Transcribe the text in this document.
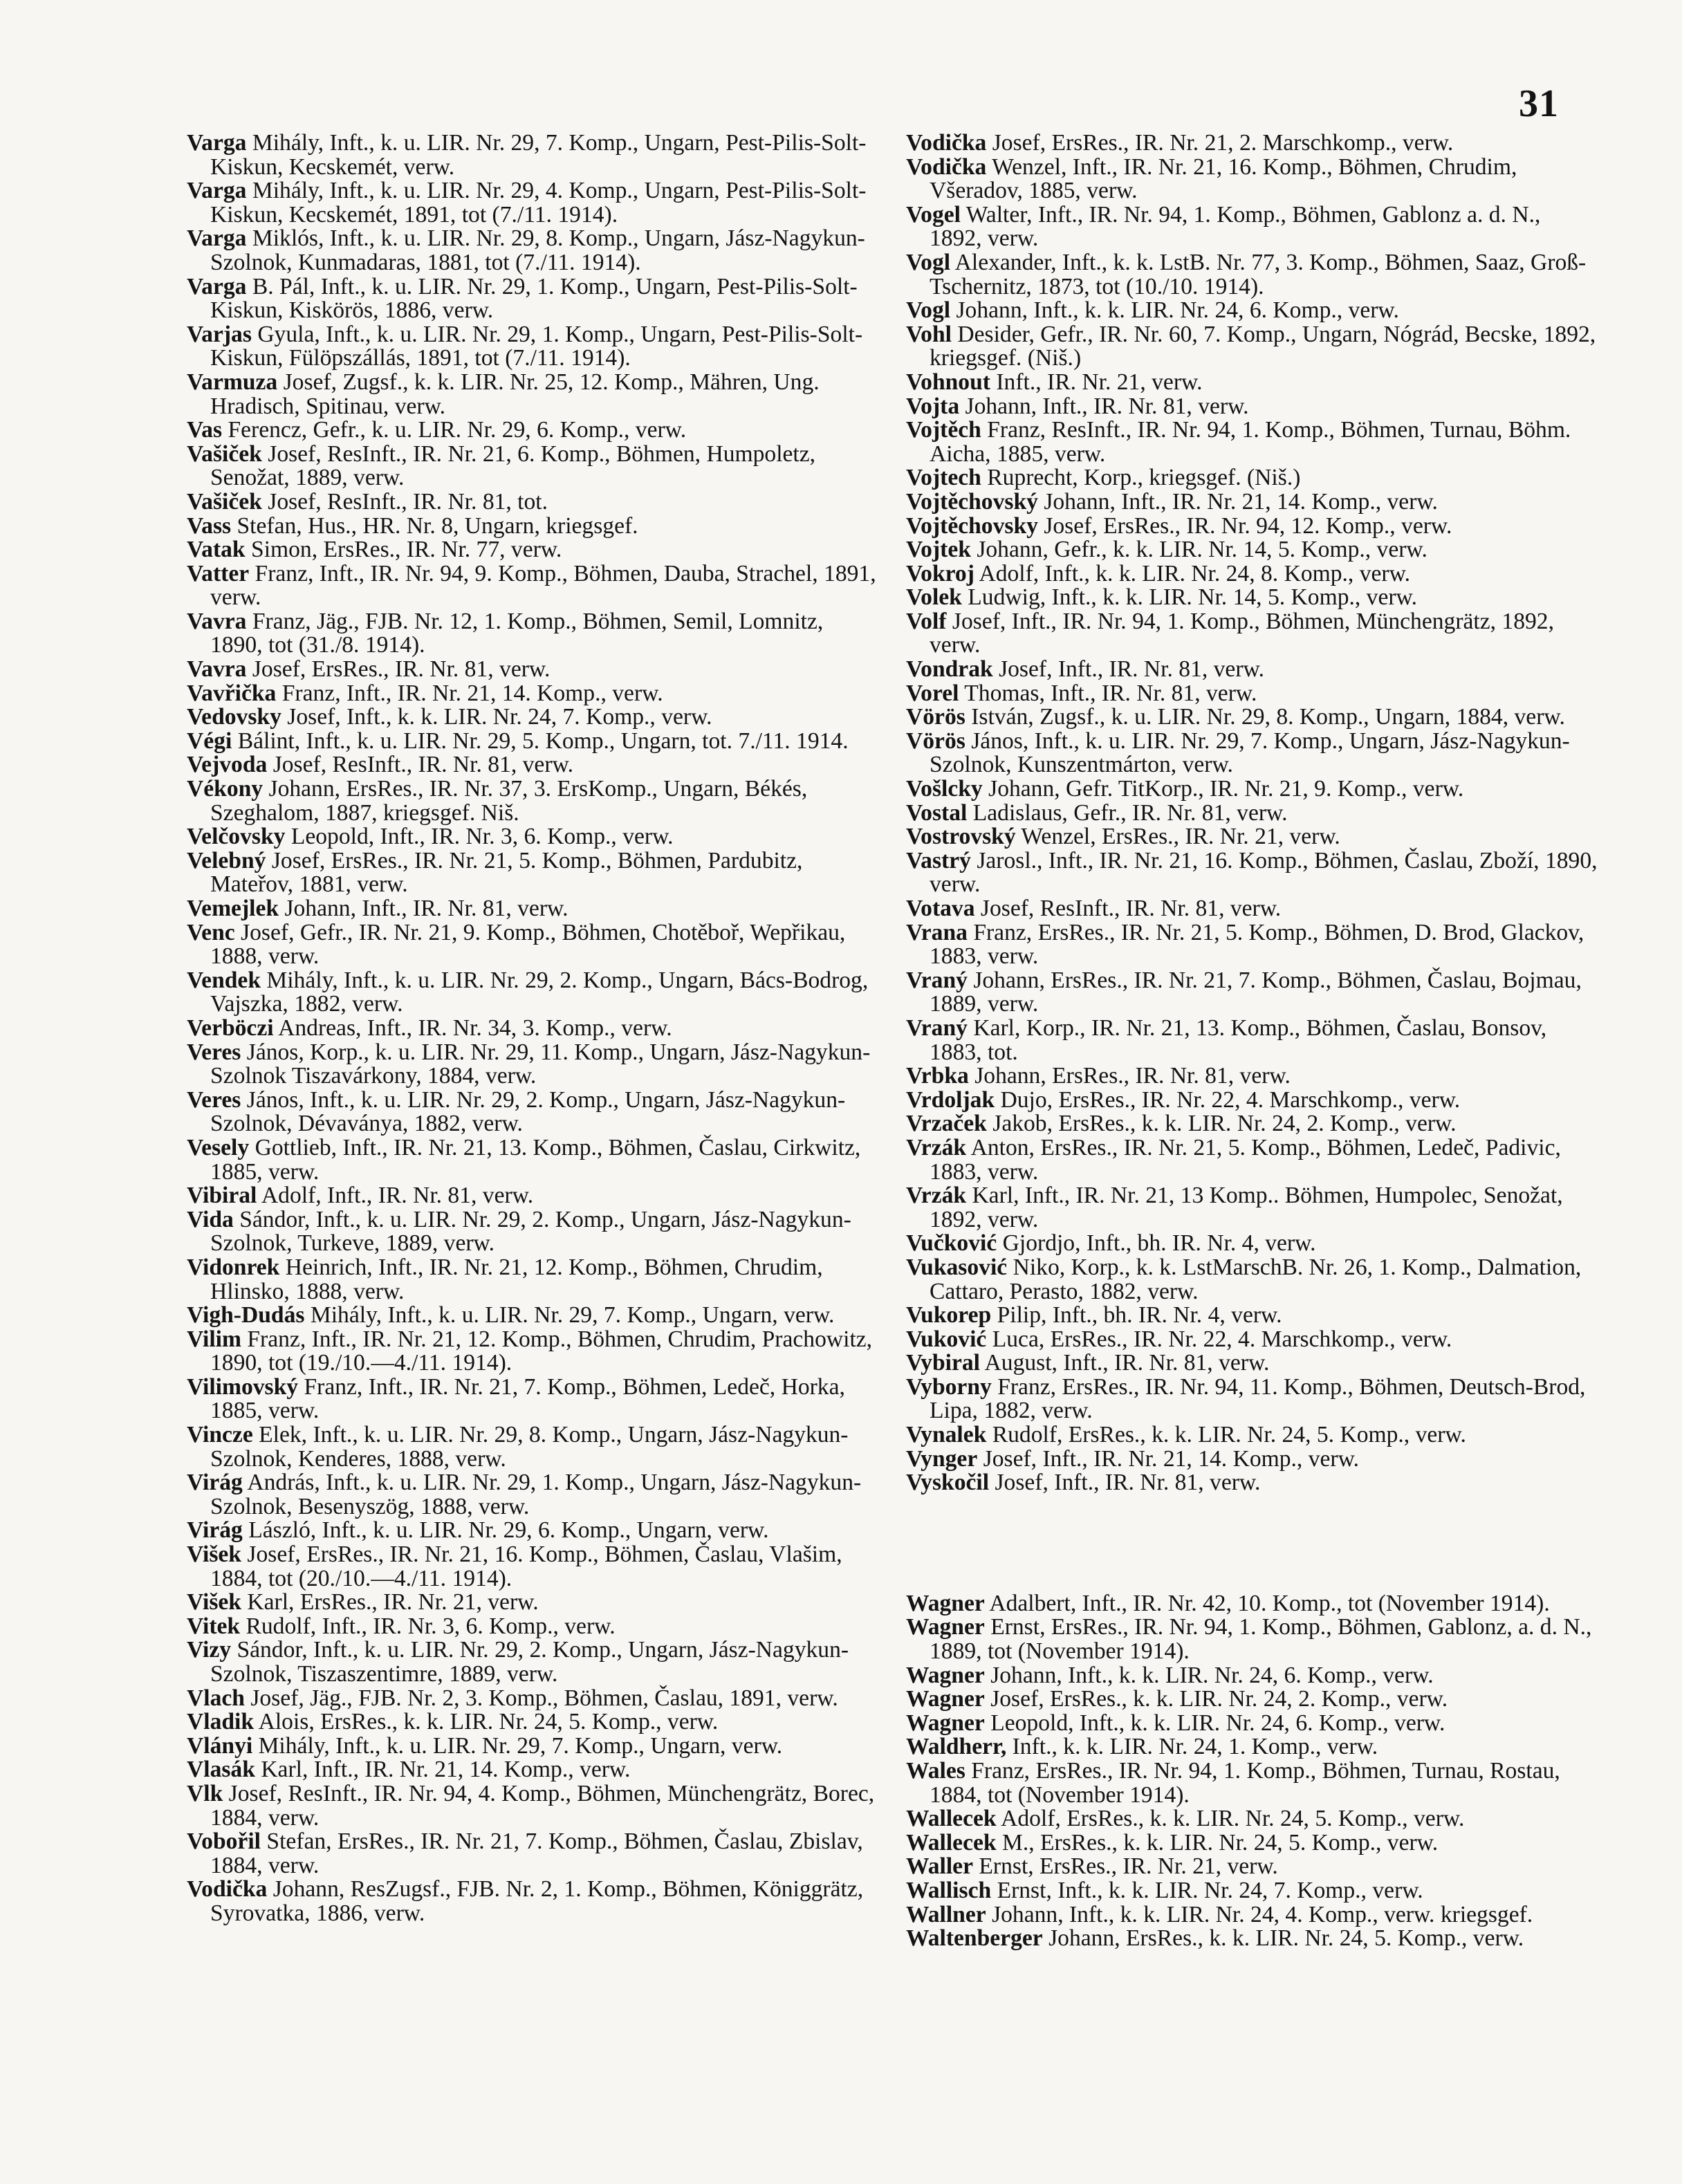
31

Varga Mihály, Inft., k. u. LIR. Nr. 29, 7. Komp., Ungarn, Pest-Pilis-Solt-Kiskun, Kecskemét, verw.

Varga Mihály, Inft., k. u. LIR. Nr. 29, 4. Komp., Ungarn, Pest-Pilis-Solt-Kiskun, Kecskemét, 1891, tot (7./11. 1914).

Varga Miklós, Inft., k. u. LIR. Nr. 29, 8. Komp., Ungarn, Jász-Nagykun-Szolnok, Kunmadaras, 1881, tot (7./11. 1914).

Varga B. Pál, Inft., k. u. LIR. Nr. 29, 1. Komp., Ungarn, Pest-Pilis-Solt-Kiskun, Kiskörös, 1886, verw.

Varjas Gyula, Inft., k. u. LIR. Nr. 29, 1. Komp., Ungarn, Pest-Pilis-Solt-Kiskun, Fülöpszállás, 1891, tot (7./11. 1914).

Varmuza Josef, Zugsf., k. k. LIR. Nr. 25, 12. Komp., Mähren, Ung. Hradisch, Spitinau, verw.

Vas Ferencz, Gefr., k. u. LIR. Nr. 29, 6. Komp., verw.

Vašiček Josef, ResInft., IR. Nr. 21, 6. Komp., Böhmen, Humpoletz, Senožat, 1889, verw.

Vašiček Josef, ResInft., IR. Nr. 81, tot.

Vass Stefan, Hus., HR. Nr. 8, Ungarn, kriegsgef.

Vatak Simon, ErsRes., IR. Nr. 77, verw.

Vatter Franz, Inft., IR. Nr. 94, 9. Komp., Böhmen, Dauba, Strachel, 1891, verw.

Vavra Franz, Jäg., FJB. Nr. 12, 1. Komp., Böhmen, Semil, Lomnitz, 1890, tot (31./8. 1914).

Vavra Josef, ErsRes., IR. Nr. 81, verw.

Vavřička Franz, Inft., IR. Nr. 21, 14. Komp., verw.

Vedovsky Josef, Inft., k. k. LIR. Nr. 24, 7. Komp., verw.

Végi Bálint, Inft., k. u. LIR. Nr. 29, 5. Komp., Ungarn, tot. 7./11. 1914.

Vejvoda Josef, ResInft., IR. Nr. 81, verw.

Vékony Johann, ErsRes., IR. Nr. 37, 3. ErsKomp., Ungarn, Békés, Szeghalom, 1887, kriegsgef. Niš.

Velčovsky Leopold, Inft., IR. Nr. 3, 6. Komp., verw.

Velebný Josef, ErsRes., IR. Nr. 21, 5. Komp., Böhmen, Pardubitz, Mateřov, 1881, verw.

Vemejlek Johann, Inft., IR. Nr. 81, verw.

Venc Josef, Gefr., IR. Nr. 21, 9. Komp., Böhmen, Chotěboř, Wepřikau, 1888, verw.

Vendek Mihály, Inft., k. u. LIR. Nr. 29, 2. Komp., Ungarn, Bács-Bodrog, Vajszka, 1882, verw.

Verböczi Andreas, Inft., IR. Nr. 34, 3. Komp., verw.

Veres János, Korp., k. u. LIR. Nr. 29, 11. Komp., Ungarn, Jász-Nagykun-Szolnok Tiszavárkony, 1884, verw.

Veres János, Inft., k. u. LIR. Nr. 29, 2. Komp., Ungarn, Jász-Nagykun-Szolnok, Dévaványa, 1882, verw.

Vesely Gottlieb, Inft., IR. Nr. 21, 13. Komp., Böhmen, Časlau, Cirkwitz, 1885, verw.

Vibiral Adolf, Inft., IR. Nr. 81, verw.

Vida Sándor, Inft., k. u. LIR. Nr. 29, 2. Komp., Ungarn, Jász-Nagykun-Szolnok, Turkeve, 1889, verw.

Vidonrek Heinrich, Inft., IR. Nr. 21, 12. Komp., Böhmen, Chrudim, Hlinsko, 1888, verw.

Vigh-Dudás Mihály, Inft., k. u. LIR. Nr. 29, 7. Komp., Ungarn, verw.

Vilim Franz, Inft., IR. Nr. 21, 12. Komp., Böhmen, Chrudim, Prachowitz, 1890, tot (19./10.—4./11. 1914).

Vilimovský Franz, Inft., IR. Nr. 21, 7. Komp., Böhmen, Ledeč, Horka, 1885, verw.

Vincze Elek, Inft., k. u. LIR. Nr. 29, 8. Komp., Ungarn, Jász-Nagykun-Szolnok, Kenderes, 1888, verw.

Virág András, Inft., k. u. LIR. Nr. 29, 1. Komp., Ungarn, Jász-Nagykun-Szolnok, Besenyszög, 1888, verw.

Virág László, Inft., k. u. LIR. Nr. 29, 6. Komp., Ungarn, verw.

Višek Josef, ErsRes., IR. Nr. 21, 16. Komp., Böhmen, Časlau, Vlašim, 1884, tot (20./10.—4./11. 1914).

Višek Karl, ErsRes., IR. Nr. 21, verw.

Vitek Rudolf, Inft., IR. Nr. 3, 6. Komp., verw.

Vizy Sándor, Inft., k. u. LIR. Nr. 29, 2. Komp., Ungarn, Jász-Nagykun-Szolnok, Tiszaszentimre, 1889, verw.

Vlach Josef, Jäg., FJB. Nr. 2, 3. Komp., Böhmen, Časlau, 1891, verw.

Vladik Alois, ErsRes., k. k. LIR. Nr. 24, 5. Komp., verw.

Vlányi Mihály, Inft., k. u. LIR. Nr. 29, 7. Komp., Ungarn, verw.

Vlasák Karl, Inft., IR. Nr. 21, 14. Komp., verw.

Vlk Josef, ResInft., IR. Nr. 94, 4. Komp., Böhmen, Münchengrätz, Borec, 1884, verw.

Vobořil Stefan, ErsRes., IR. Nr. 21, 7. Komp., Böhmen, Časlau, Zbislav, 1884, verw.

Vodička Johann, ResZugsf., FJB. Nr. 2, 1. Komp., Böhmen, Königgrätz, Syrovatka, 1886, verw.

Vodička Josef, ErsRes., IR. Nr. 21, 2. Marschkomp., verw.

Vodička Wenzel, Inft., IR. Nr. 21, 16. Komp., Böhmen, Chrudim, Všeradov, 1885, verw.

Vogel Walter, Inft., IR. Nr. 94, 1. Komp., Böhmen, Gablonz a. d. N., 1892, verw.

Vogl Alexander, Inft., k. k. LstB. Nr. 77, 3. Komp., Böhmen, Saaz, Groß-Tschernitz, 1873, tot (10./10. 1914).

Vogl Johann, Inft., k. k. LIR. Nr. 24, 6. Komp., verw.

Vohl Desider, Gefr., IR. Nr. 60, 7. Komp., Ungarn, Nógrád, Becske, 1892, kriegsgef. (Niš.)

Vohnout Inft., IR. Nr. 21, verw.

Vojta Johann, Inft., IR. Nr. 81, verw.

Vojtěch Franz, ResInft., IR. Nr. 94, 1. Komp., Böhmen, Turnau, Böhm. Aicha, 1885, verw.

Vojtech Ruprecht, Korp., kriegsgef. (Niš.)

Vojtěchovský Johann, Inft., IR. Nr. 21, 14. Komp., verw.

Vojtěchovsky Josef, ErsRes., IR. Nr. 94, 12. Komp., verw.

Vojtek Johann, Gefr., k. k. LIR. Nr. 14, 5. Komp., verw.

Vokroj Adolf, Inft., k. k. LIR. Nr. 24, 8. Komp., verw.

Volek Ludwig, Inft., k. k. LIR. Nr. 14, 5. Komp., verw.

Volf Josef, Inft., IR. Nr. 94, 1. Komp., Böhmen, Münchengrätz, 1892, verw.

Vondrak Josef, Inft., IR. Nr. 81, verw.

Vorel Thomas, Inft., IR. Nr. 81, verw.

Vörös István, Zugsf., k. u. LIR. Nr. 29, 8. Komp., Ungarn, 1884, verw.

Vörös János, Inft., k. u. LIR. Nr. 29, 7. Komp., Ungarn, Jász-Nagykun-Szolnok, Kunszentmárton, verw.

Vošlcky Johann, Gefr. TitKorp., IR. Nr. 21, 9. Komp., verw.

Vostal Ladislaus, Gefr., IR. Nr. 81, verw.

Vostrovský Wenzel, ErsRes., IR. Nr. 21, verw.

Vastrý Jarosl., Inft., IR. Nr. 21, 16. Komp., Böhmen, Časlau, Zboží, 1890, verw.

Votava Josef, ResInft., IR. Nr. 81, verw.

Vrana Franz, ErsRes., IR. Nr. 21, 5. Komp., Böhmen, D. Brod, Glackov, 1883, verw.

Vraný Johann, ErsRes., IR. Nr. 21, 7. Komp., Böhmen, Časlau, Bojmau, 1889, verw.

Vraný Karl, Korp., IR. Nr. 21, 13. Komp., Böhmen, Časlau, Bonsov, 1883, tot.

Vrbka Johann, ErsRes., IR. Nr. 81, verw.

Vrdoljak Dujo, ErsRes., IR. Nr. 22, 4. Marschkomp., verw.

Vrzaček Jakob, ErsRes., k. k. LIR. Nr. 24, 2. Komp., verw.

Vrzák Anton, ErsRes., IR. Nr. 21, 5. Komp., Böhmen, Ledeč, Padivic, 1883, verw.

Vrzák Karl, Inft., IR. Nr. 21, 13 Komp.. Böhmen, Humpolec, Senožat, 1892, verw.

Vučković Gjordjo, Inft., bh. IR. Nr. 4, verw.

Vukasović Niko, Korp., k. k. LstMarschB. Nr. 26, 1. Komp., Dalmation, Cattaro, Perasto, 1882, verw.

Vukorep Pilip, Inft., bh. IR. Nr. 4, verw.

Vuković Luca, ErsRes., IR. Nr. 22, 4. Marschkomp., verw.

Vybiral August, Inft., IR. Nr. 81, verw.

Vyborny Franz, ErsRes., IR. Nr. 94, 11. Komp., Böhmen, Deutsch-Brod, Lipa, 1882, verw.

Vynalek Rudolf, ErsRes., k. k. LIR. Nr. 24, 5. Komp., verw.

Vynger Josef, Inft., IR. Nr. 21, 14. Komp., verw.

Vyskočil Josef, Inft., IR. Nr. 81, verw.

Wagner Adalbert, Inft., IR. Nr. 42, 10. Komp., tot (November 1914).

Wagner Ernst, ErsRes., IR. Nr. 94, 1. Komp., Böhmen, Gablonz, a. d. N., 1889, tot (November 1914).

Wagner Johann, Inft., k. k. LIR. Nr. 24, 6. Komp., verw.

Wagner Josef, ErsRes., k. k. LIR. Nr. 24, 2. Komp., verw.

Wagner Leopold, Inft., k. k. LIR. Nr. 24, 6. Komp., verw.

Waldherr, Inft., k. k. LIR. Nr. 24, 1. Komp., verw.

Wales Franz, ErsRes., IR. Nr. 94, 1. Komp., Böhmen, Turnau, Rostau, 1884, tot (November 1914).

Wallecek Adolf, ErsRes., k. k. LIR. Nr. 24, 5. Komp., verw.

Wallecek M., ErsRes., k. k. LIR. Nr. 24, 5. Komp., verw.

Waller Ernst, ErsRes., IR. Nr. 21, verw.

Wallisch Ernst, Inft., k. k. LIR. Nr. 24, 7. Komp., verw.

Wallner Johann, Inft., k. k. LIR. Nr. 24, 4. Komp., verw. kriegsgef.

Waltenberger Johann, ErsRes., k. k. LIR. Nr. 24, 5. Komp., verw.
